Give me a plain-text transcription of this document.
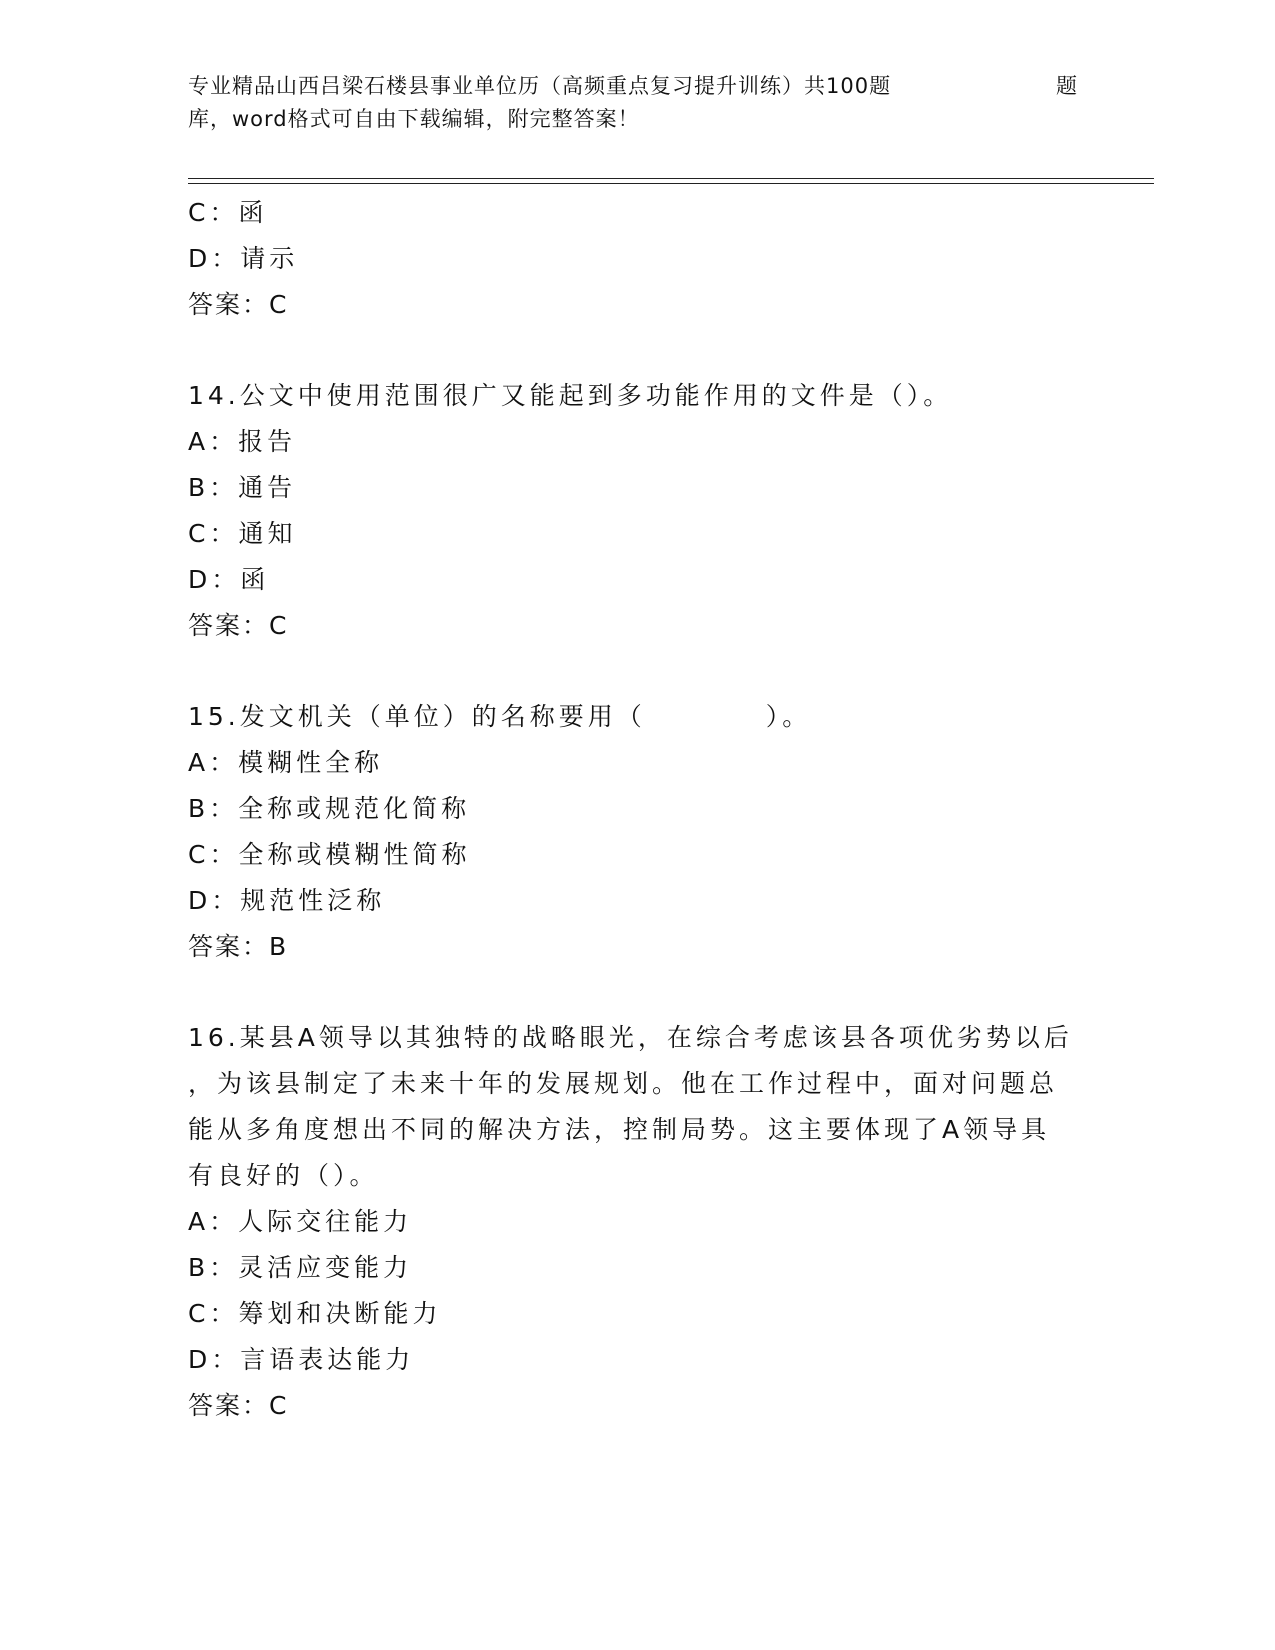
专业精品山西吕梁石楼县事业单位历（高频重点复习提升训练）共100题	题
库，word格式可自由下载编辑，附完整答案！
C：函
D：请示
答案：C
14.公文中使用范围很广又能起到多功能作用的文件是（）。
A：报告
B：通告
C：通知
D：函
答案：C
15.发文机关（单位）的名称要用（	）。
A：模糊性全称
B：全称或规范化简称
C：全称或模糊性简称
D：规范性泛称
答案：B
16.某县A领导以其独特的战略眼光，在综合考虑该县各项优劣势以后
，为该县制定了未来十年的发展规划。他在工作过程中，面对问题总
能从多角度想出不同的解决方法，控制局势。这主要体现了A领导具
有良好的（）。
A：人际交往能力
B：灵活应变能力
C：筹划和决断能力
D：言语表达能力
答案：C
